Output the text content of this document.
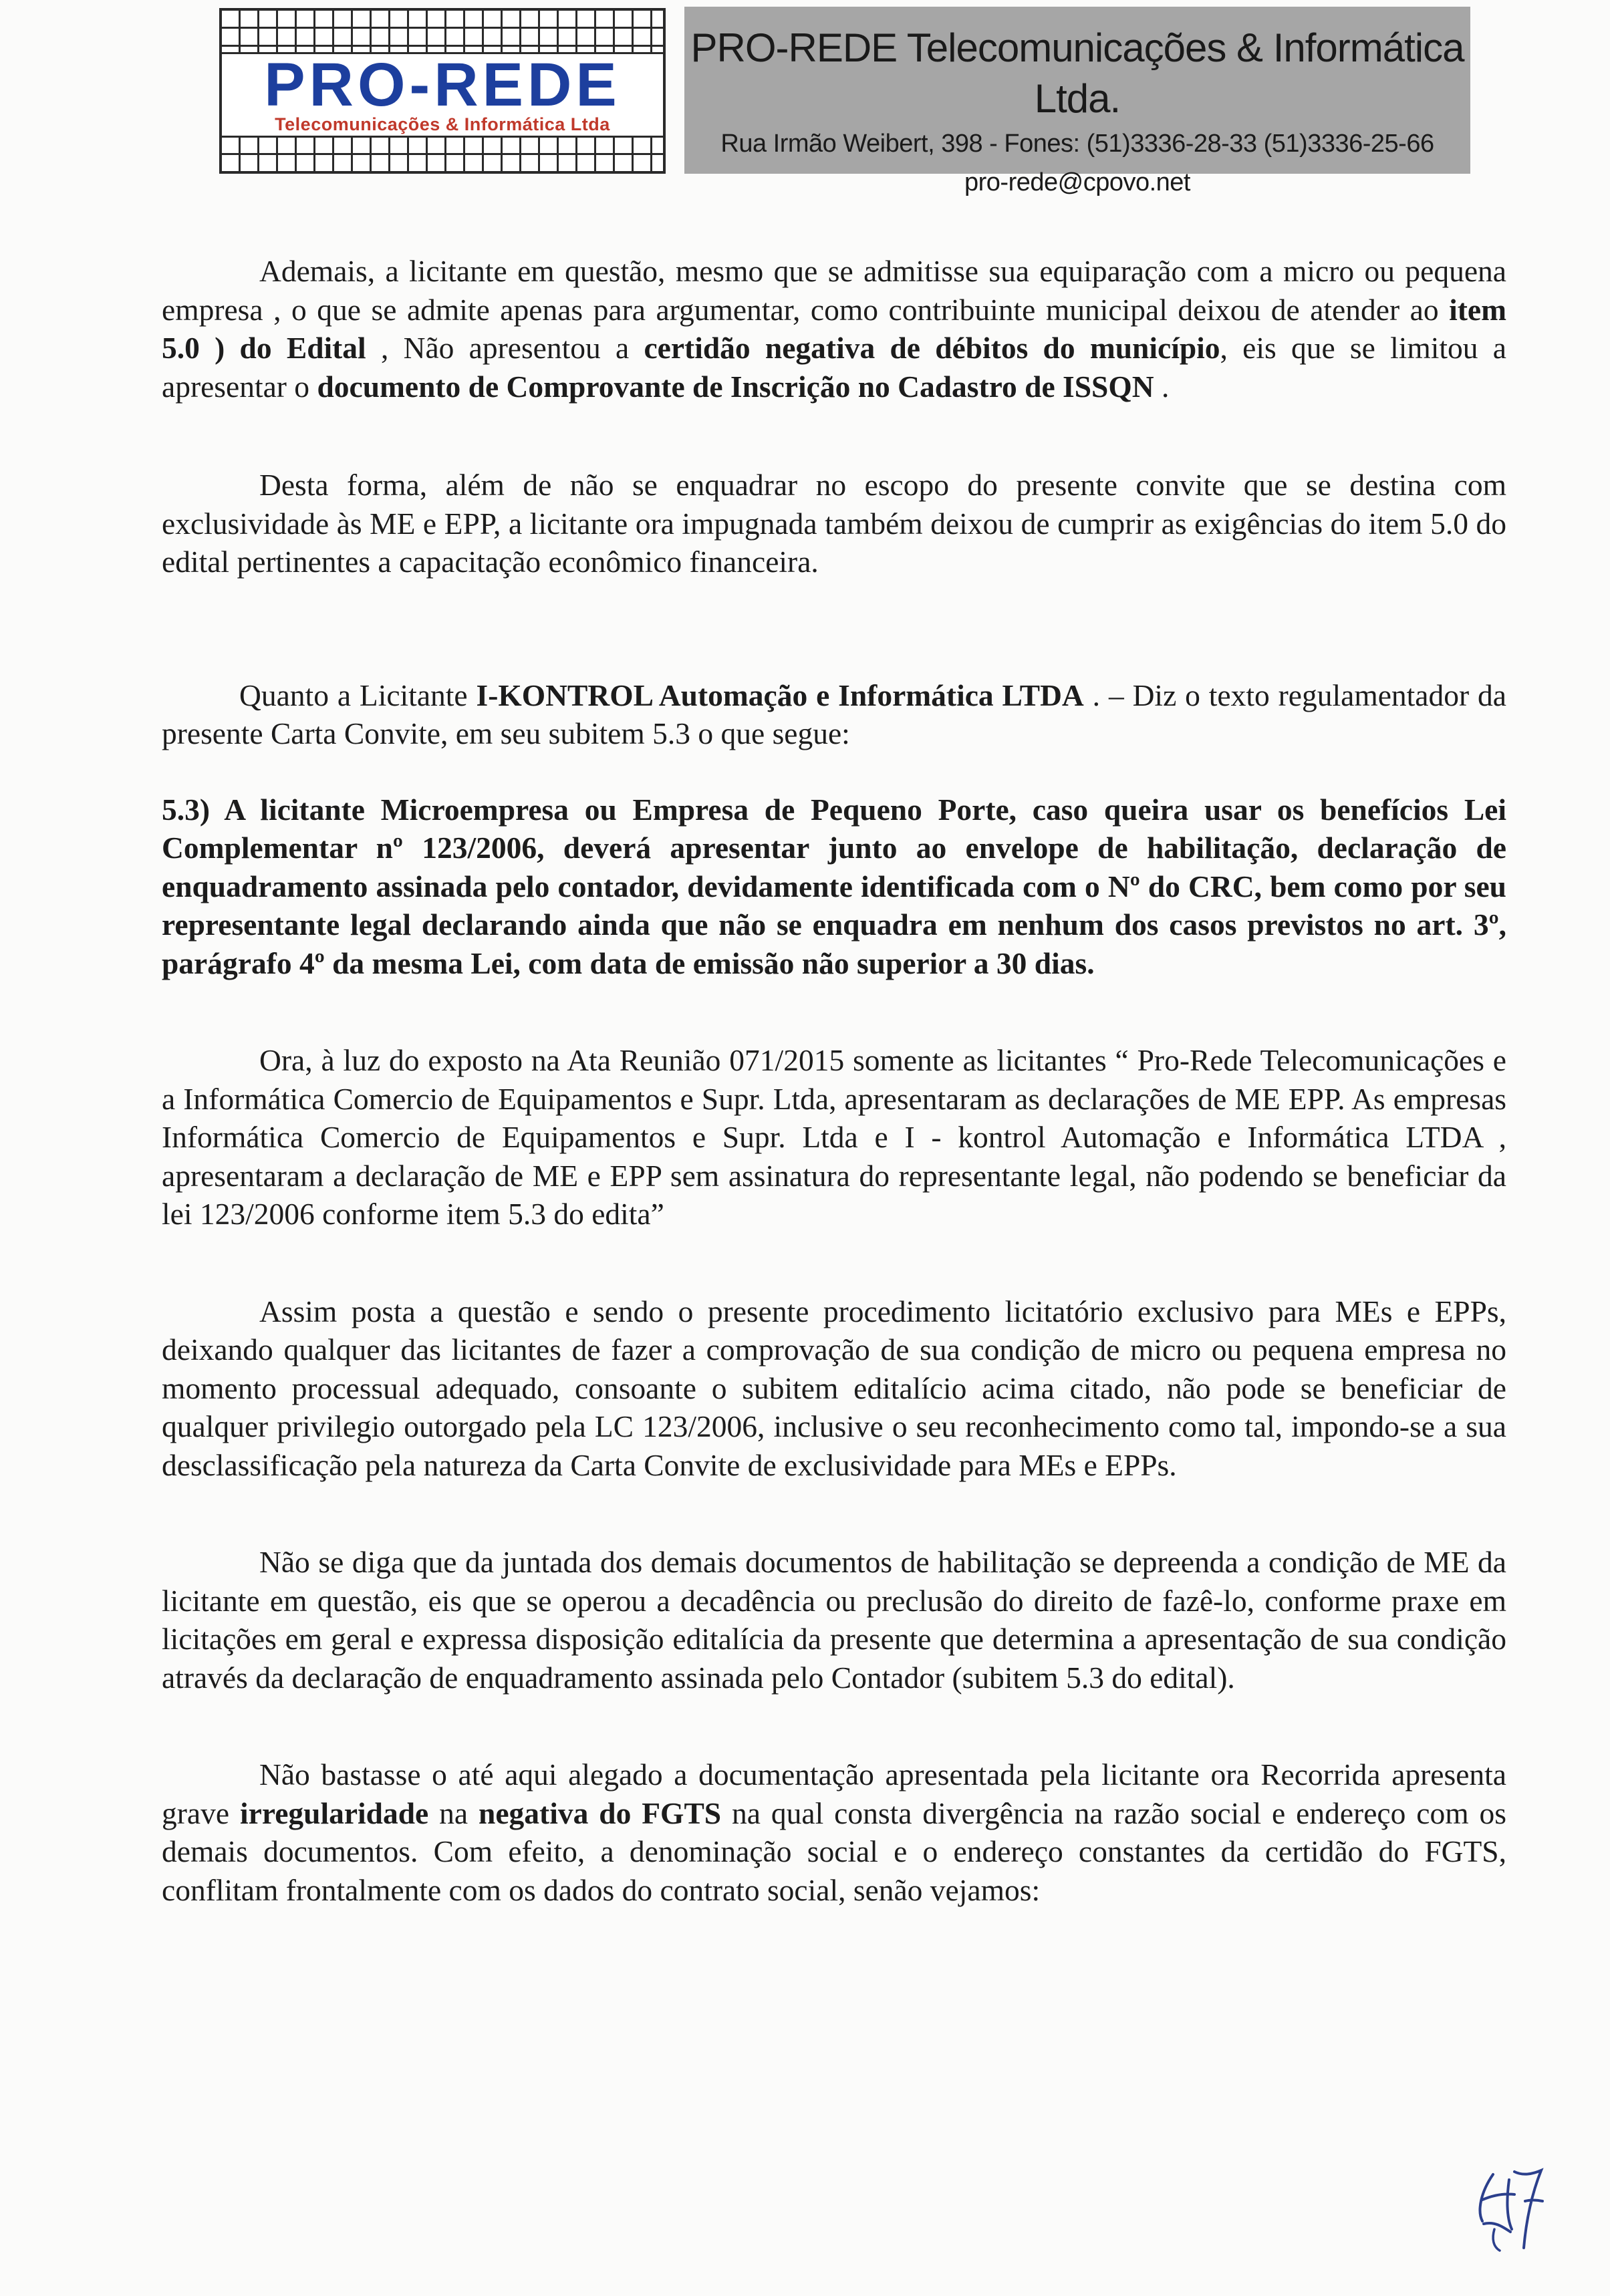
PRO-REDE
Telecomunicações & Informática Ltda
PRO-REDE Telecomunicações & Informática Ltda.
Rua Irmão Weibert, 398 - Fones: (51)3336-28-33 (51)3336-25-66
pro-rede@cpovo.net

Ademais, a licitante em questão, mesmo que se admitisse sua equiparação com a micro ou pequena empresa , o que se admite apenas para argumentar, como contribuinte municipal deixou de atender ao item 5.0 ) do Edital , Não apresentou a certidão negativa de débitos do município, eis que se limitou a apresentar o documento de Comprovante de Inscrição no Cadastro de ISSQN .

Desta forma, além de não se enquadrar no escopo do presente convite que se destina com exclusividade às ME e EPP, a licitante ora impugnada também deixou de cumprir as exigências do item 5.0 do edital pertinentes a capacitação econômico financeira.

Quanto a Licitante I-KONTROL Automação e Informática LTDA . – Diz o texto regulamentador da presente Carta Convite, em seu subitem 5.3 o que segue:

5.3) A licitante Microempresa ou Empresa de Pequeno Porte, caso queira usar os benefícios Lei Complementar nº 123/2006, deverá apresentar junto ao envelope de habilitação, declaração de enquadramento assinada pelo contador, devidamente identificada com o Nº do CRC, bem como por seu representante legal declarando ainda que não se enquadra em nenhum dos casos previstos no art. 3º, parágrafo 4º da mesma Lei, com data de emissão não superior a 30 dias.

Ora, à luz do exposto na Ata Reunião 071/2015 somente as licitantes “ Pro-Rede Telecomunicações e a Informática Comercio de Equipamentos e Supr. Ltda, apresentaram as declarações de ME EPP. As empresas Informática Comercio de Equipamentos e Supr. Ltda e I - kontrol Automação e Informática LTDA , apresentaram a declaração de ME e EPP sem assinatura do representante legal, não podendo se beneficiar da lei 123/2006 conforme item 5.3 do edita”

Assim posta a questão e sendo o presente procedimento licitatório exclusivo para MEs e EPPs, deixando qualquer das licitantes de fazer a comprovação de sua condição de micro ou pequena empresa no momento processual adequado, consoante o subitem editalício acima citado, não pode se beneficiar de qualquer privilegio outorgado pela LC 123/2006, inclusive o seu reconhecimento como tal, impondo-se a sua desclassificação pela natureza da Carta Convite de exclusividade para MEs e EPPs.

Não se diga que da juntada dos demais documentos de habilitação se depreenda a condição de ME da licitante em questão, eis que se operou a decadência ou preclusão do direito de fazê-lo, conforme praxe em licitações em geral e expressa disposição editalícia da presente que determina a apresentação de sua condição através da declaração de enquadramento assinada pelo Contador (subitem 5.3 do edital).

Não bastasse o até aqui alegado a documentação apresentada pela licitante ora Recorrida apresenta grave irregularidade na negativa do FGTS na qual consta divergência na razão social e endereço com os demais documentos. Com efeito, a denominação social e o endereço constantes da certidão do FGTS, conflitam frontalmente com os dados do contrato social, senão vejamos:
